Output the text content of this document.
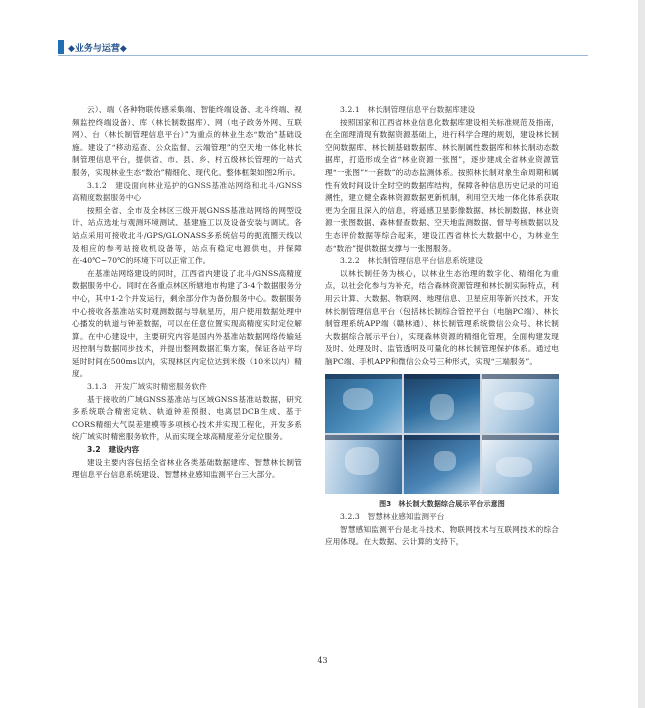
◆业务与运营◆

云）、端（各种物联传感采集端、智能终端设备、北斗终端、视频监控终端设备）、库（林长制数据库）、网（电子政务外网、互联网）、台（林长制管理信息平台）”为重点的林业生态“数治”基础设施。建设了“移动巡查、公众监督、云端管理”的空天地一体化林长制管理信息平台，提供省、市、县、乡、村五级林长管理的一站式服务，实现林业生态“数治”精细化、现代化。整体框架如图2所示。

3.1.2　建设面向林业巡护的GNSS基准站网络和北斗/GNSS高精度数据服务中心

按照全省、全市及全林区三级开展GNSS基准站网络的网型设计、站点选址与观测环境测试、基建施工以及设备安装与调试。各站点采用可接收北斗/GPS/GLONASS多系统信号的扼流圈天线以及相应的参考站接收机设备等，站点有稳定电源供电，并保障在-40℃~70℃的环境下可以正常工作。

在基准站网络建设的同时，江西省内建设了北斗/GNSS高精度数据服务中心。同时在各重点林区所辖地市构建了3-4个数据服务分中心，其中1-2个并发运行，剩余部分作为备份服务中心。数据服务中心接收各基准站实时观测数据与导航星历，用户使用数据处理中心播发的轨道与钟差数据，可以在任意位置实现高精度实时定位解算。在中心建设中，主要研究内容是国内外基准站数据网络传输延迟控制与数据同步技术，并提出整网数据汇集方案，保证各站平均延时时间在500ms以内，实现林区内定位达到米级（10米以内）精度。

3.1.3　开发广域实时精密服务软件

基于接收的广域GNSS基准站与区域GNSS基准站数据，研究多系统联合精密定轨、轨道钟差预报、电离层DCB生成、基于CORS精细大气误差建模等多项核心技术并实现工程化，开发多系统广域实时精密服务软件，从而实现全球高精度差分定位服务。

3.2　建设内容

建设主要内容包括全省林业各类基础数据建库、智慧林长制管理信息平台信息系统建设、智慧林业感知监测平台三大部分。

3.2.1　林长制管理信息平台数据库建设

按照国家和江西省林业信息化数据库建设相关标准规范及指南，在全面理清现有数据资源基础上，进行科学合理的规划，建设林长制空间数据库、林长制基础数据库、林长制属性数据库和林长制动态数据库，打造形成全省“林业资源一张图”，逐步建成全省林业资源管理“一张图”“一套数”的动态监测体系。按照林长制对象生命周期和属性有效时间设计全时空的数据库结构，保障各种信息历史记录的可追溯性，建立健全森林资源数据更新机制，利用空天地一体化体系获取更为全面且深入的信息，将遥感卫星影像数据、林长制数据、林业资源一张图数据、森林督查数据、空天地监测数据、督导考核数据以及生态评价数据等综合起来，建设江西省林长大数据中心，为林业生态“数治”提供数据支撑与一张图服务。

3.2.2　林长制管理信息平台信息系统建设

以林长制任务为核心，以林业生态治理的数字化、精细化为重点，以社会化参与为补充，结合森林资源管理和林长制实际特点，利用云计算、大数据、物联网、地理信息、卫星应用等新兴技术，开发林长制管理信息平台（包括林长制综合管控平台（电脑PC端）、林长制管理系统APP端（赣林通）、林长制管理系统微信公众号、林长制大数据综合展示平台），实现森林资源的精细化管理，全面构建发现及时、处理及时、监管透明及可量化的林长制管理保护体系。通过电脑PC端、手机APP和微信公众号三种形式，实现“三端服务”。

图3　林长制大数据综合展示平台示意图

3.2.3　智慧林业感知监测平台

智慧感知监测平台是北斗技术、物联网技术与互联网技术的综合应用体现。在大数据、云计算的支持下，

43
